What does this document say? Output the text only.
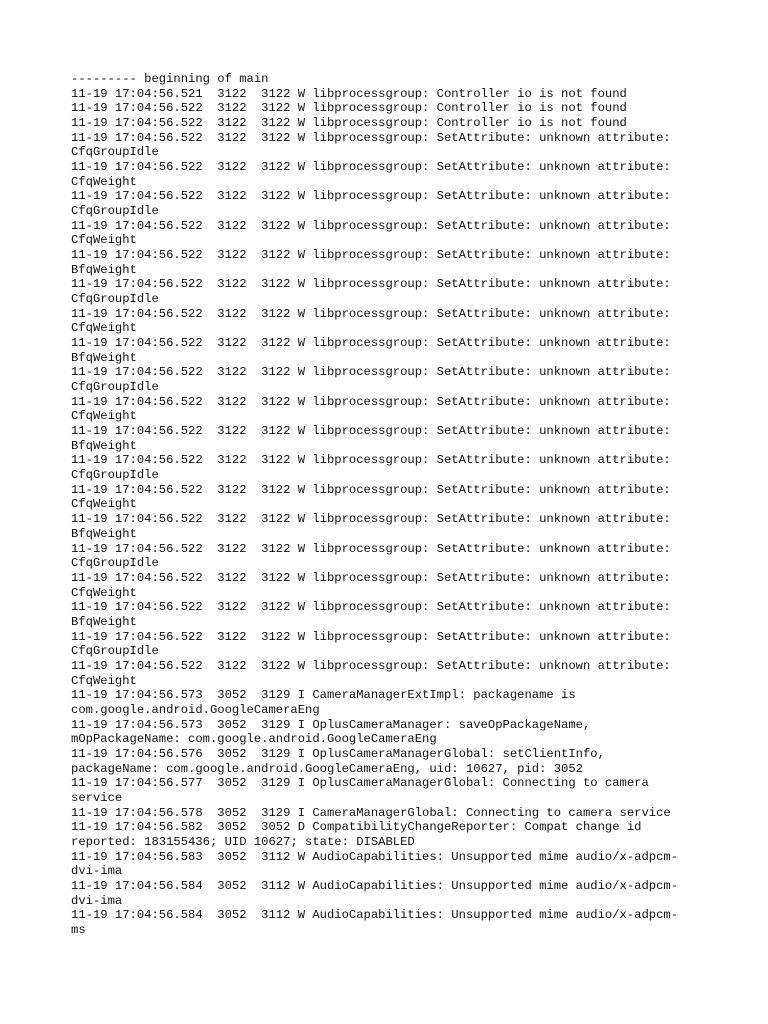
--------- beginning of main
11-19 17:04:56.521  3122  3122 W libprocessgroup: Controller io is not found
11-19 17:04:56.522  3122  3122 W libprocessgroup: Controller io is not found
11-19 17:04:56.522  3122  3122 W libprocessgroup: Controller io is not found
11-19 17:04:56.522  3122  3122 W libprocessgroup: SetAttribute: unknown attribute:
CfqGroupIdle
11-19 17:04:56.522  3122  3122 W libprocessgroup: SetAttribute: unknown attribute:
CfqWeight
11-19 17:04:56.522  3122  3122 W libprocessgroup: SetAttribute: unknown attribute:
CfqGroupIdle
11-19 17:04:56.522  3122  3122 W libprocessgroup: SetAttribute: unknown attribute:
CfqWeight
11-19 17:04:56.522  3122  3122 W libprocessgroup: SetAttribute: unknown attribute:
BfqWeight
11-19 17:04:56.522  3122  3122 W libprocessgroup: SetAttribute: unknown attribute:
CfqGroupIdle
11-19 17:04:56.522  3122  3122 W libprocessgroup: SetAttribute: unknown attribute:
CfqWeight
11-19 17:04:56.522  3122  3122 W libprocessgroup: SetAttribute: unknown attribute:
BfqWeight
11-19 17:04:56.522  3122  3122 W libprocessgroup: SetAttribute: unknown attribute:
CfqGroupIdle
11-19 17:04:56.522  3122  3122 W libprocessgroup: SetAttribute: unknown attribute:
CfqWeight
11-19 17:04:56.522  3122  3122 W libprocessgroup: SetAttribute: unknown attribute:
BfqWeight
11-19 17:04:56.522  3122  3122 W libprocessgroup: SetAttribute: unknown attribute:
CfqGroupIdle
11-19 17:04:56.522  3122  3122 W libprocessgroup: SetAttribute: unknown attribute:
CfqWeight
11-19 17:04:56.522  3122  3122 W libprocessgroup: SetAttribute: unknown attribute:
BfqWeight
11-19 17:04:56.522  3122  3122 W libprocessgroup: SetAttribute: unknown attribute:
CfqGroupIdle
11-19 17:04:56.522  3122  3122 W libprocessgroup: SetAttribute: unknown attribute:
CfqWeight
11-19 17:04:56.522  3122  3122 W libprocessgroup: SetAttribute: unknown attribute:
BfqWeight
11-19 17:04:56.522  3122  3122 W libprocessgroup: SetAttribute: unknown attribute:
CfqGroupIdle
11-19 17:04:56.522  3122  3122 W libprocessgroup: SetAttribute: unknown attribute:
CfqWeight
11-19 17:04:56.573  3052  3129 I CameraManagerExtImpl: packagename is
com.google.android.GoogleCameraEng
11-19 17:04:56.573  3052  3129 I OplusCameraManager: saveOpPackageName,
mOpPackageName: com.google.android.GoogleCameraEng
11-19 17:04:56.576  3052  3129 I OplusCameraManagerGlobal: setClientInfo,
packageName: com.google.android.GoogleCameraEng, uid: 10627, pid: 3052
11-19 17:04:56.577  3052  3129 I OplusCameraManagerGlobal: Connecting to camera
service
11-19 17:04:56.578  3052  3129 I CameraManagerGlobal: Connecting to camera service
11-19 17:04:56.582  3052  3052 D CompatibilityChangeReporter: Compat change id
reported: 183155436; UID 10627; state: DISABLED
11-19 17:04:56.583  3052  3112 W AudioCapabilities: Unsupported mime audio/x-adpcm-
dvi-ima
11-19 17:04:56.584  3052  3112 W AudioCapabilities: Unsupported mime audio/x-adpcm-
dvi-ima
11-19 17:04:56.584  3052  3112 W AudioCapabilities: Unsupported mime audio/x-adpcm-
ms
